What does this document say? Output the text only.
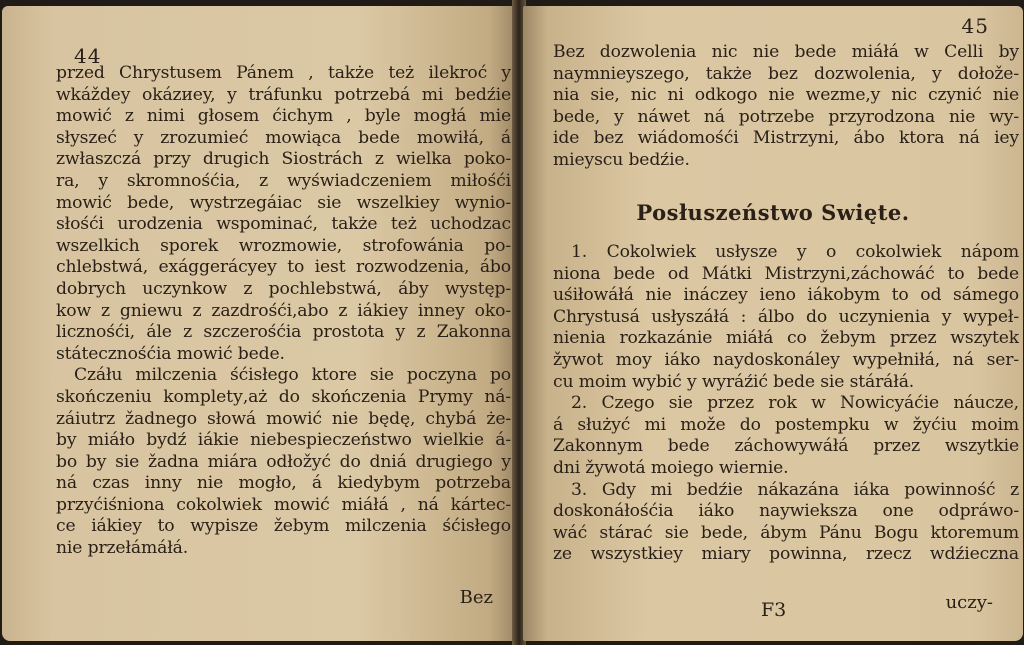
44
przed Chrystusem Pánem , także też ilekroć y
wkáždey okázиey, y tráfunku potrzebá mi bedźie
mowić z nimi głosem ćichym , byle mogłá mie
słyszeć y zrozumieć mowiąca bede mowiłá, á
zwłaszczá przy drugich Siostrách z wielka poko-
ra, y skromnośćia, z wyświadczeniem miłośći
mowić bede, wystrzegáiac sie wszelkiey wynio-
słośći urodzenia wspominać, także też uchodzac
wszelkich sporek wrozmowie, strofowánia po-
chlebstwá, exággerácyey to iest rozwodzenia, ábo
dobrych uczynkow z pochlebstwá, áby występ-
kow z gniewu z zazdrośći,abo z iákiey inney oko-
licznośći, ále z szczerośćia prostota y z Zakonna
státecznośćia mowić bede.
Czáłu milczenia śćisłego ktore sie poczyna po
skończeniu kompletу,aż do skończenia Prymy ná-
záiutrz žadnego słowá mowić nie będę, chybá że-
by miáło bydź iákie niebespieczeństwo wielkie á-
bo by sie žadna miára odłožyć do dniá drugiego y
ná czas inny nie mogło, á kiedybym potrzeba
przyćiśniona cokolwiek mowić miáłá , ná kártec-
ce iákiey to wypisze žebym milczenia śćisłego
nie przełámáłá.
Bez
45
Bez dozwolenia nic nie bede miáłá w Celli by
naymnieyszego, także bez dozwolenia, y dołože-
nia sie, nic ni odkogo nie wezme,y nic czynić nie
bede, y náwet ná potrzebe przyrodzona nie wy-
ide bez wiádomośći Mistrzyni, ábo ktora ná iey
mieyscu bedźie.
Posłuszeństwo Swięte.
1. Cokolwiek usłysze y o cokolwiek nápom
niona bede od Mátki Mistrzyni,záchowáć to bede
uśiłowáłá nie ináczey ieno iákobym to od sámego
Chrystusá usłyszáłá : álbo do uczynienia y wypeł-
nienia rozkazánie miáłá co žebym przez wszytek
žywot moy iáko naydoskonáley wypełniłá, ná ser-
cu moim wybić y wyráźić bede sie stáráłá.
2. Czego sie przez rok w Nowicyáćie náucze,
á służyć mi može do postempku w žyćiu moim
Zakonnym bede záchowywáłá przez wszytkie
dni žywotá moiego wiernie.
3. Gdy mi bedźie nákazána iáka powinność z
doskonáłośćia iáko naywieksza one odpráwo-
wáć stárać sie bede, ábym Pánu Bogu ktoremum
ze wszystkiey miary powinna, rzecz wdźieczna
F3	uczy-
